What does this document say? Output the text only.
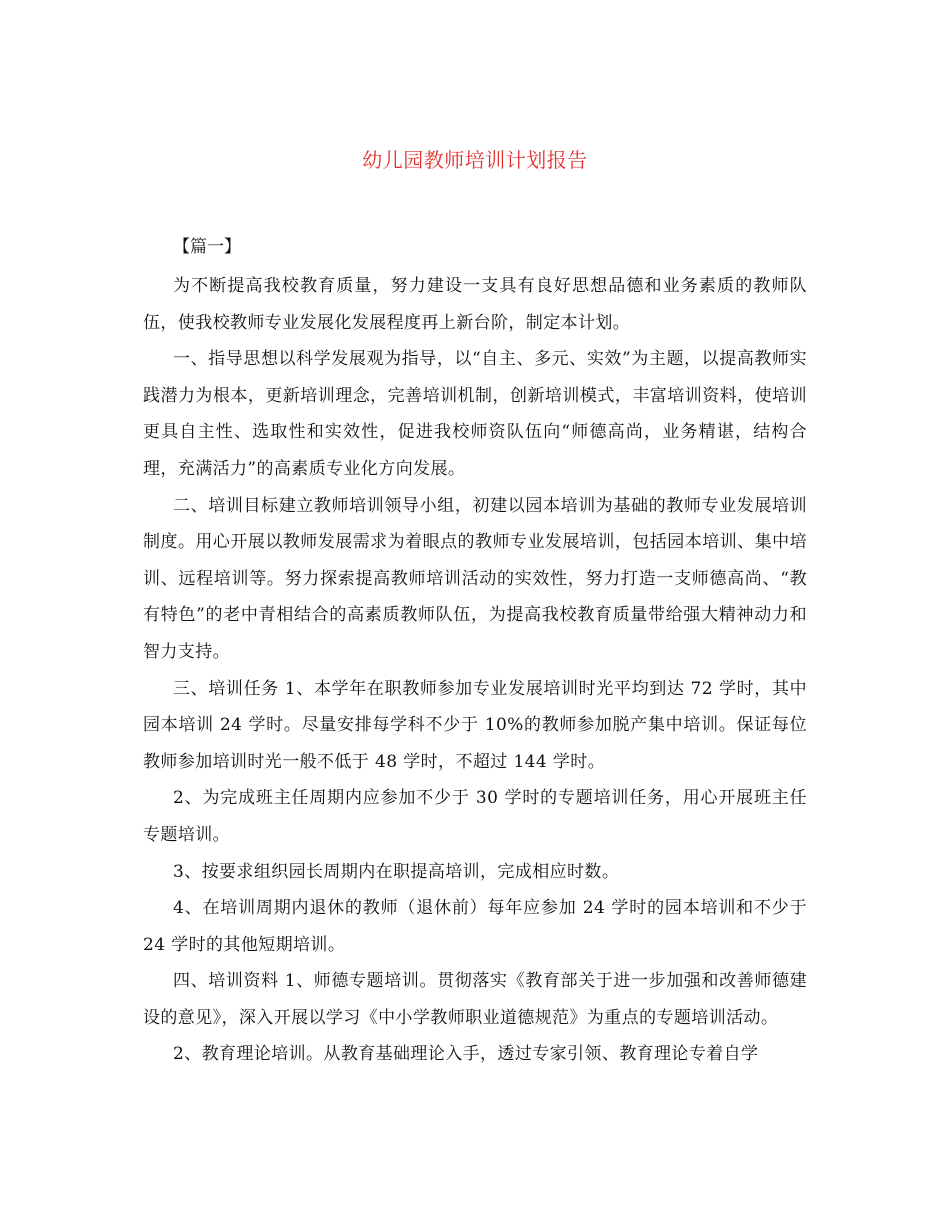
幼儿园教师培训计划报告
【篇一】

为不断提高我校教育质量，努力建设一支具有良好思想品德和业务素质的教师队伍，使我校教师专业发展化发展程度再上新台阶，制定本计划。

一、指导思想以科学发展观为指导，以“自主、多元、实效”为主题，以提高教师实践潜力为根本，更新培训理念，完善培训机制，创新培训模式，丰富培训资料，使培训更具自主性、选取性和实效性，促进我校师资队伍向“师德高尚，业务精谌，结构合理，充满活力”的高素质专业化方向发展。

二、培训目标建立教师培训领导小组，初建以园本培训为基础的教师专业发展培训制度。用心开展以教师发展需求为着眼点的教师专业发展培训，包括园本培训、集中培训、远程培训等。努力探索提高教师培训活动的实效性，努力打造一支师德高尚、“教有特色”的老中青相结合的高素质教师队伍，为提高我校教育质量带给强大精神动力和智力支持。

三、培训任务 1、本学年在职教师参加专业发展培训时光平均到达 72 学时，其中园本培训 24 学时。尽量安排每学科不少于 10%的教师参加脱产集中培训。保证每位教师参加培训时光一般不低于 48 学时，不超过 144 学时。

2、为完成班主任周期内应参加不少于 30 学时的专题培训任务，用心开展班主任专题培训。

3、按要求组织园长周期内在职提高培训，完成相应时数。

4、在培训周期内退休的教师（退休前）每年应参加 24 学时的园本培训和不少于 24 学时的其他短期培训。

四、培训资料 1、师德专题培训。贯彻落实《教育部关于进一步加强和改善师德建设的意见》，深入开展以学习《中小学教师职业道德规范》为重点的专题培训活动。

2、教育理论培训。从教育基础理论入手，透过专家引领、教育理论专着自学
